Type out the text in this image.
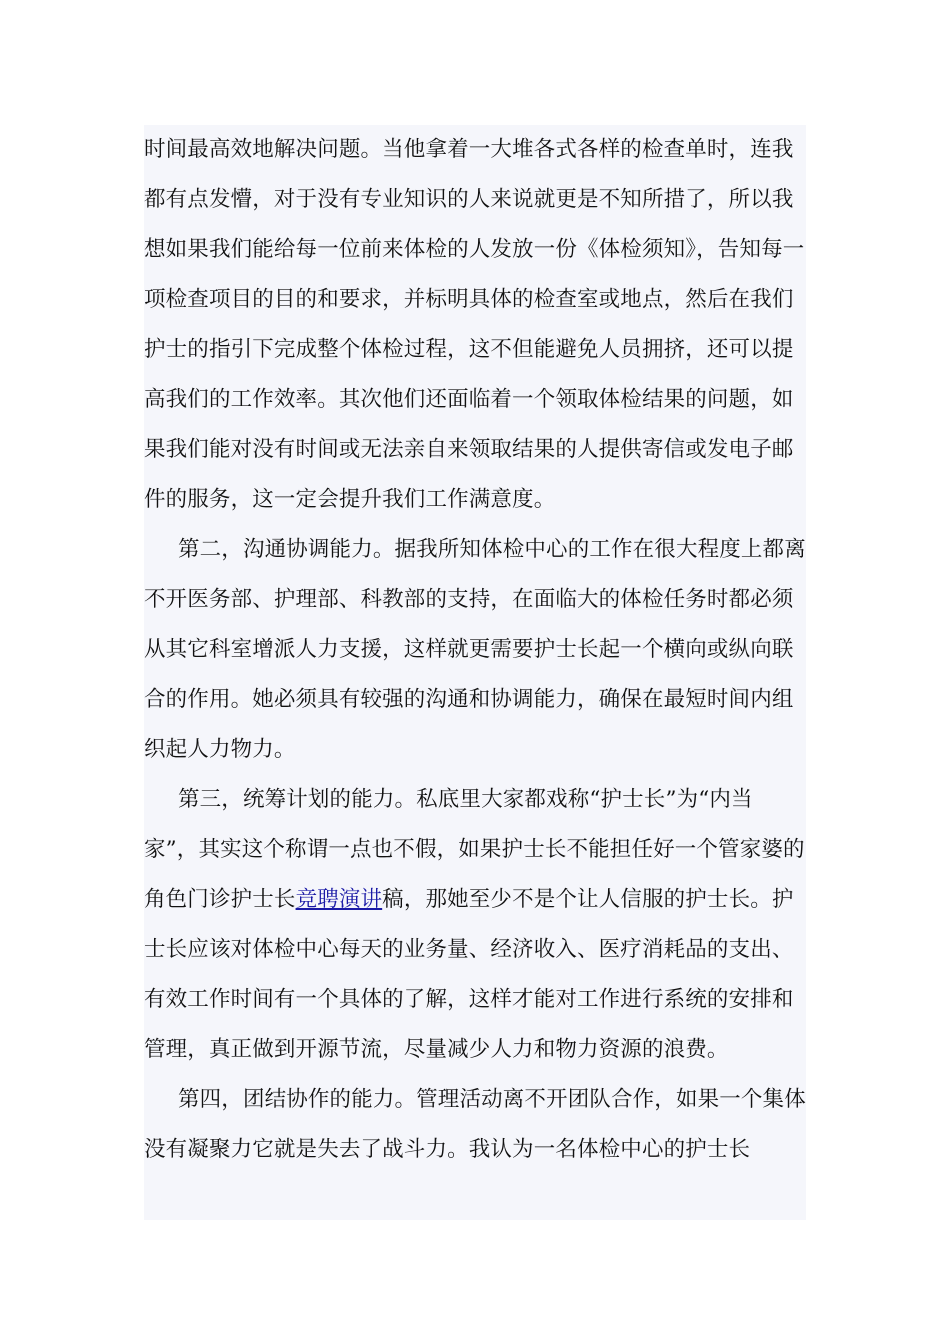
时间最高效地解决问题。当他拿着一大堆各式各样的检查单时，连我都有点发懵，对于没有专业知识的人来说就更是不知所措了，所以我想如果我们能给每一位前来体检的人发放一份《体检须知》，告知每一项检查项目的目的和要求，并标明具体的检查室或地点，然后在我们护士的指引下完成整个体检过程，这不但能避免人员拥挤，还可以提高我们的工作效率。其次他们还面临着一个领取体检结果的问题，如果我们能对没有时间或无法亲自来领取结果的人提供寄信或发电子邮件的服务，这一定会提升我们工作满意度。

第二，沟通协调能力。据我所知体检中心的工作在很大程度上都离不开医务部、护理部、科教部的支持，在面临大的体检任务时都必须从其它科室增派人力支援，这样就更需要护士长起一个横向或纵向联合的作用。她必须具有较强的沟通和协调能力，确保在最短时间内组织起人力物力。

第三，统筹计划的能力。私底里大家都戏称“护士长”为“内当家”，其实这个称谓一点也不假，如果护士长不能担任好一个管家婆的角色门诊护士长竞聘演讲稿，那她至少不是个让人信服的护士长。护士长应该对体检中心每天的业务量、经济收入、医疗消耗品的支出、有效工作时间有一个具体的了解，这样才能对工作进行系统的安排和管理，真正做到开源节流，尽量减少人力和物力资源的浪费。

第四，团结协作的能力。管理活动离不开团队合作，如果一个集体没有凝聚力它就是失去了战斗力。我认为一名体检中心的护士长
